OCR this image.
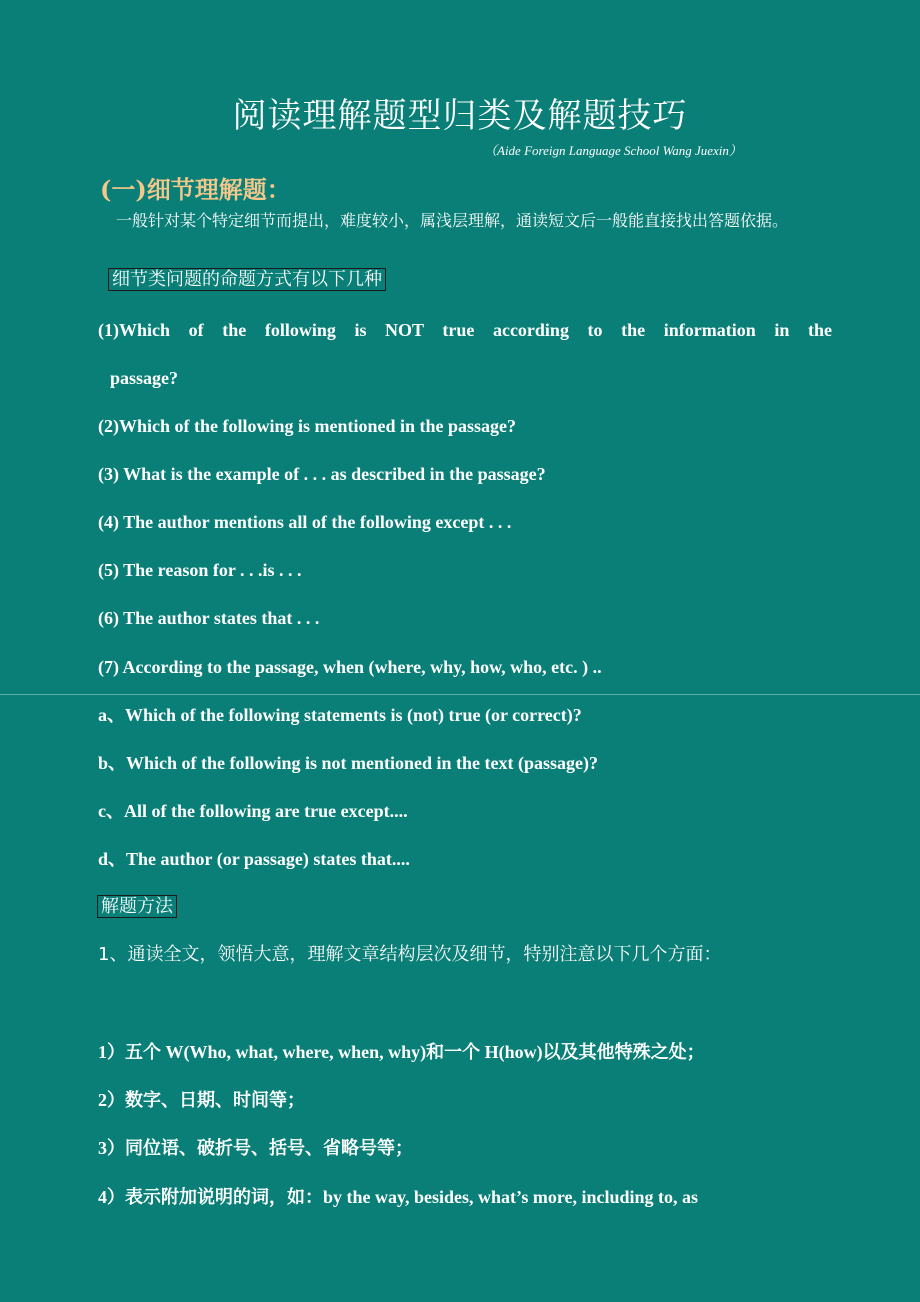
阅读理解题型归类及解题技巧
（Aide Foreign Language School Wang Juexin）
(一)细节理解题：
一般针对某个特定细节而提出，难度较小，属浅层理解，通读短文后一般能直接找出答题依据。
细节类问题的命题方式有以下几种
(1)Which of the following is NOT true according to the information in the
passage?
(2)Which of the following is mentioned in the passage?
(3) What is the example of . . . as described in the passage?
(4) The author mentions all of the following except . . .
(5) The reason for . . .is . . .
(6) The author states that . . .
(7) According to the passage, when (where, why, how, who, etc. ) ..
a、Which of the following statements is (not) true (or correct)?
b、Which of the following is not mentioned in the text (passage)?
c、All of the following are true except....
d、The author (or passage) states that....
解题方法
1、通读全文，领悟大意，理解文章结构层次及细节，特别注意以下几个方面：
1）五个 W(Who, what, where, when, why)和一个 H(how)以及其他特殊之处；
2）数字、日期、时间等；
3）同位语、破折号、括号、省略号等；
4）表示附加说明的词，如：by the way, besides, what’s more, including to, as
